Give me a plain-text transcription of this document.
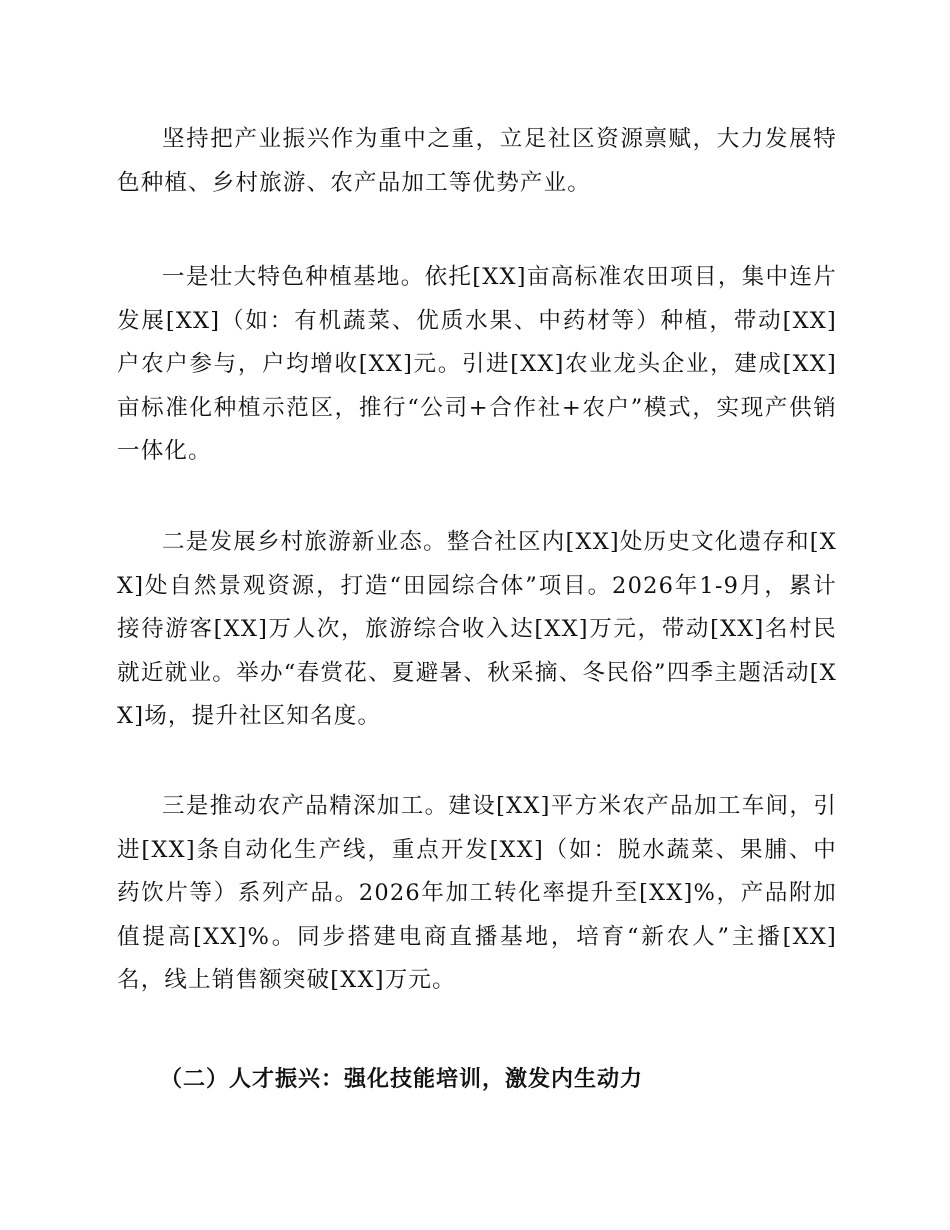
坚持把产业振兴作为重中之重，立足社区资源禀赋，大力发展特色种植、乡村旅游、农产品加工等优势产业。

一是壮大特色种植基地。依托[XX]亩高标准农田项目，集中连片发展[XX]（如：有机蔬菜、优质水果、中药材等）种植，带动[XX]户农户参与，户均增收[XX]元。引进[XX]农业龙头企业，建成[XX]亩标准化种植示范区，推行“公司+合作社+农户”模式，实现产供销一体化。

二是发展乡村旅游新业态。整合社区内[XX]处历史文化遗存和[XX]处自然景观资源，打造“田园综合体”项目。2026年1-9月，累计接待游客[XX]万人次，旅游综合收入达[XX]万元，带动[XX]名村民就近就业。举办“春赏花、夏避暑、秋采摘、冬民俗”四季主题活动[XX]场，提升社区知名度。

三是推动农产品精深加工。建设[XX]平方米农产品加工车间，引进[XX]条自动化生产线，重点开发[XX]（如：脱水蔬菜、果脯、中药饮片等）系列产品。2026年加工转化率提升至[XX]%，产品附加值提高[XX]%。同步搭建电商直播基地，培育“新农人”主播[XX]名，线上销售额突破[XX]万元。

（二）人才振兴：强化技能培训，激发内生动力
